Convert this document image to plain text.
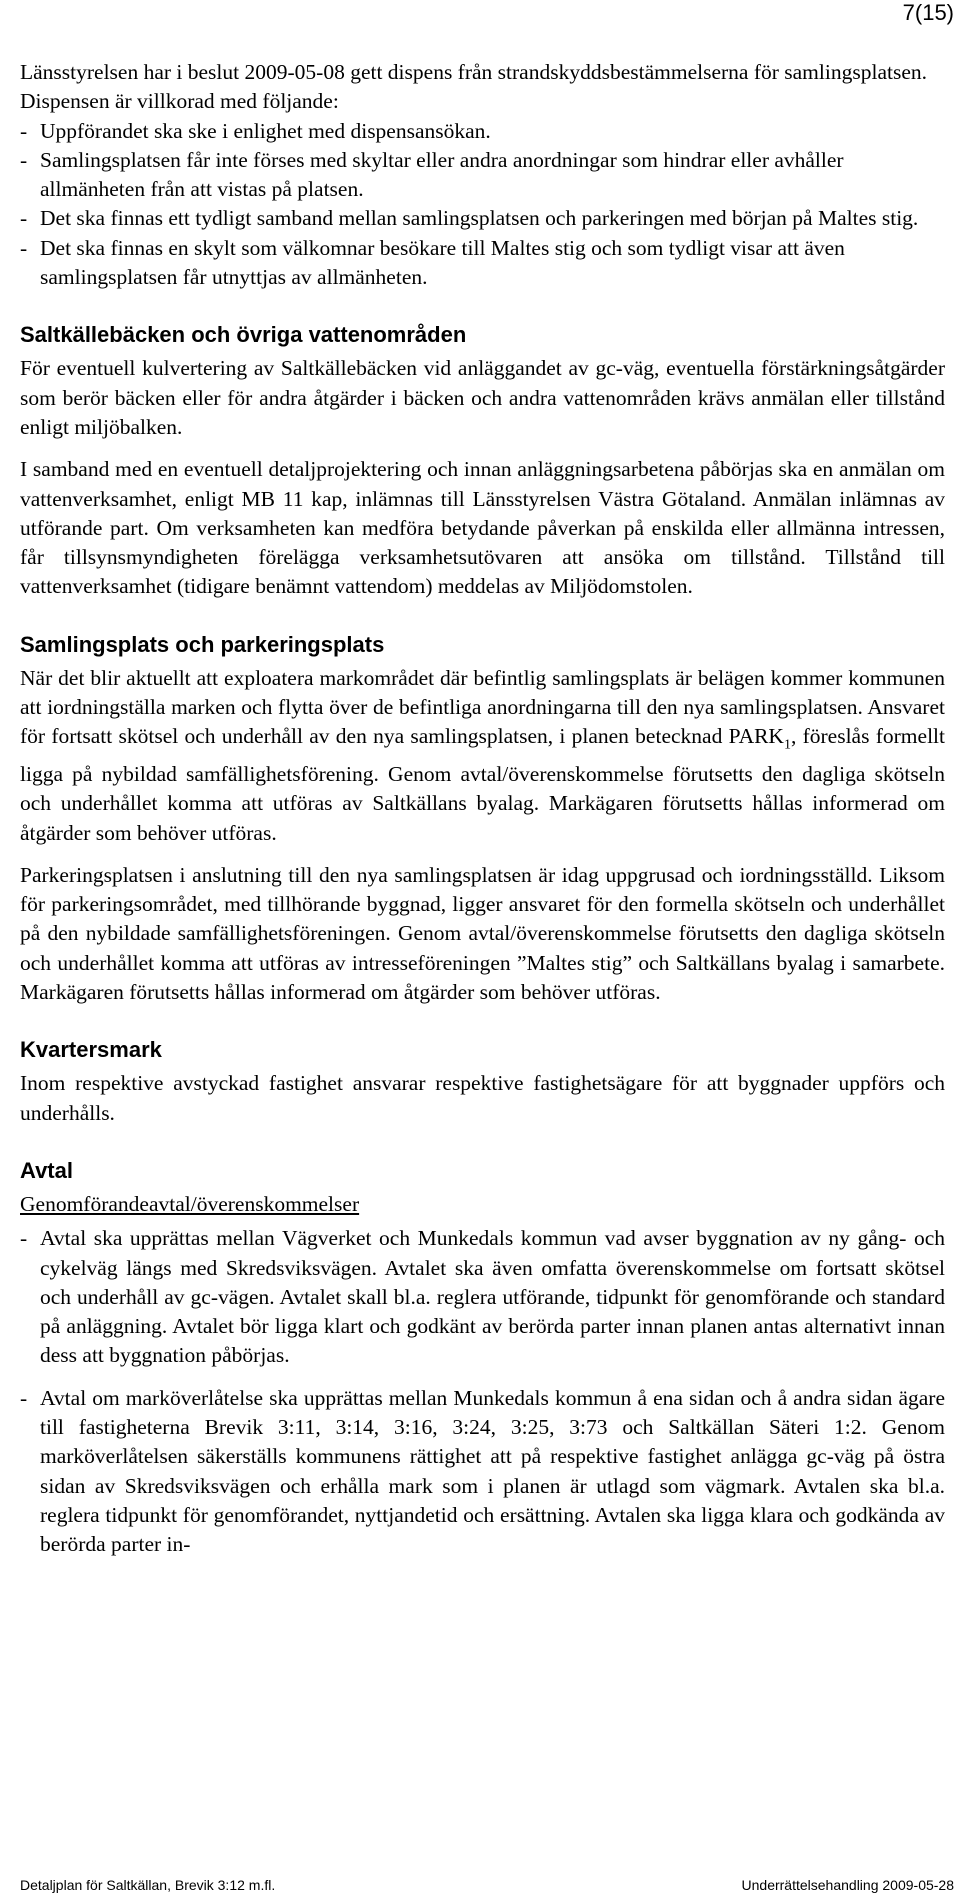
7(15)

Länsstyrelsen har i beslut 2009-05-08 gett dispens från strandskyddsbestämmelserna för samlingsplatsen. Dispensen är villkorad med följande:

- Uppförandet ska ske i enlighet med dispensansökan.
- Samlingsplatsen får inte förses med skyltar eller andra anordningar som hindrar eller avhåller allmänheten från att vistas på platsen.
- Det ska finnas ett tydligt samband mellan samlingsplatsen och parkeringen med början på Maltes stig.
- Det ska finnas en skylt som välkomnar besökare till Maltes stig och som tydligt visar att även samlingsplatsen får utnyttjas av allmänheten.
Saltkällebäcken och övriga vattenområden

För eventuell kulvertering av Saltkällebäcken vid anläggandet av gc-väg, eventuella förstärkningsåtgärder som berör bäcken eller för andra åtgärder i bäcken och andra vattenområden krävs anmälan eller tillstånd enligt miljöbalken.

I samband med en eventuell detaljprojektering och innan anläggningsarbetena påbörjas ska en anmälan om vattenverksamhet, enligt MB 11 kap, inlämnas till Länsstyrelsen Västra Götaland. Anmälan inlämnas av utförande part. Om verksamheten kan medföra betydande påverkan på enskilda eller allmänna intressen, får tillsynsmyndigheten förelägga verksamhetsutövaren att ansöka om tillstånd. Tillstånd till vattenverksamhet (tidigare benämnt vattendom) meddelas av Miljödomstolen.

Samlingsplats och parkeringsplats

När det blir aktuellt att exploatera markområdet där befintlig samlingsplats är belägen kommer kommunen att iordningställa marken och flytta över de befintliga anordningarna till den nya samlingsplatsen. Ansvaret för fortsatt skötsel och underhåll av den nya samlingsplatsen, i planen betecknad $PARK_1$, föreslås formellt ligga på nybildad samfällighetsförening. Genom avtal/överenskommelse förutsetts den dagliga skötseln och underhållet komma att utföras av Saltkällans byalag. Markägaren förutsetts hållas informerad om åtgärder som behöver utföras.

Parkeringsplatsen i anslutning till den nya samlingsplatsen är idag uppgrusad och iordningsställd. Liksom för parkeringsområdet, med tillhörande byggnad, ligger ansvaret för den formella skötseln och underhållet på den nybildade samfällighetsföreningen. Genom avtal/överenskommelse förutsetts den dagliga skötseln och underhållet komma att utföras av intresseföreningen ”Maltes stig” och Saltkällans byalag i samarbete. Markägaren förutsetts hållas informerad om åtgärder som behöver utföras.

Kvartersmark

Inom respektive avstyckad fastighet ansvarar respektive fastighetsägare för att byggnader uppförs och underhålls.

Avtal

Genomförandeavtal/överenskommelser

- Avtal ska upprättas mellan Vägverket och Munkedals kommun vad avser byggnation av ny gång- och cykelväg längs med Skredsviksvägen. Avtalet ska även omfatta överenskommelse om fortsatt skötsel och underhåll av gc-vägen. Avtalet skall bl.a. reglera utförande, tidpunkt för genomförande och standard på anläggning. Avtalet bör ligga klart och godkänt av berörda parter innan planen antas alternativt innan dess att byggnation påbörjas.
- Avtal om marköverlåtelse ska upprättas mellan Munkedals kommun å ena sidan och å andra sidan ägare till fastigheterna Brevik 3:11, 3:14, 3:16, 3:24, 3:25, 3:73 och Saltkällan Säteri 1:2. Genom marköverlåtelsen säkerställs kommunens rättighet att på respektive fastighet anlägga gc-väg på östra sidan av Skredsviksvägen och erhålla mark som i planen är utlagd som vägmark. Avtalen ska bl.a. reglera tidpunkt för genomförandet, nyttjandetid och ersättning. Avtalen ska ligga klara och godkända av berörda parter in-
Detaljplan för Saltkällan, Brevik 3:12 m.fl.	Underrättelsehandling 2009-05-28
